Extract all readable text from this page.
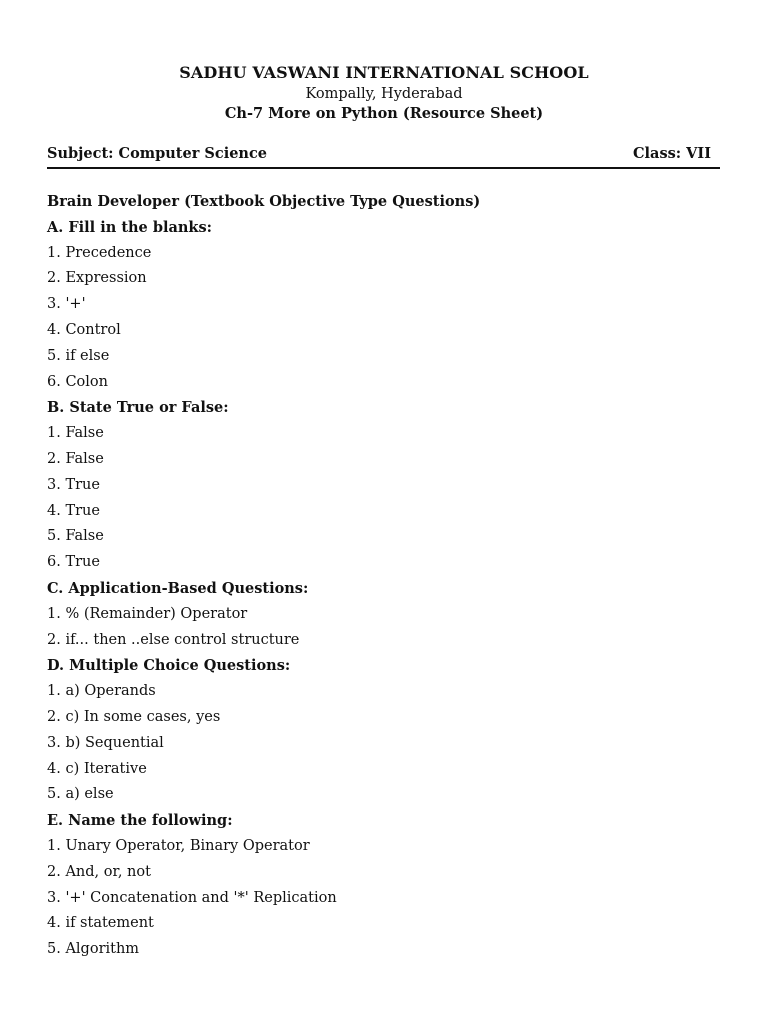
SADHU VASWANI INTERNATIONAL SCHOOL
Kompally, Hyderabad
Ch-7 More on Python (Resource Sheet)
Subject: Computer Science	Class: VII
Brain Developer (Textbook Objective Type Questions)
A. Fill in the blanks:
1. Precedence
2. Expression
3. '+'
4. Control
5. if else
6. Colon
B. State True or False:
1. False
2. False
3. True
4. True
5. False
6. True
C. Application-Based Questions:
1. % (Remainder) Operator
2. if... then ..else control structure
D. Multiple Choice Questions:
1. a) Operands
2. c) In some cases, yes
3. b) Sequential
4. c) Iterative
5. a) else
E. Name the following:
1. Unary Operator, Binary Operator
2. And, or, not
3. '+' Concatenation and '*' Replication
4. if statement
5. Algorithm
